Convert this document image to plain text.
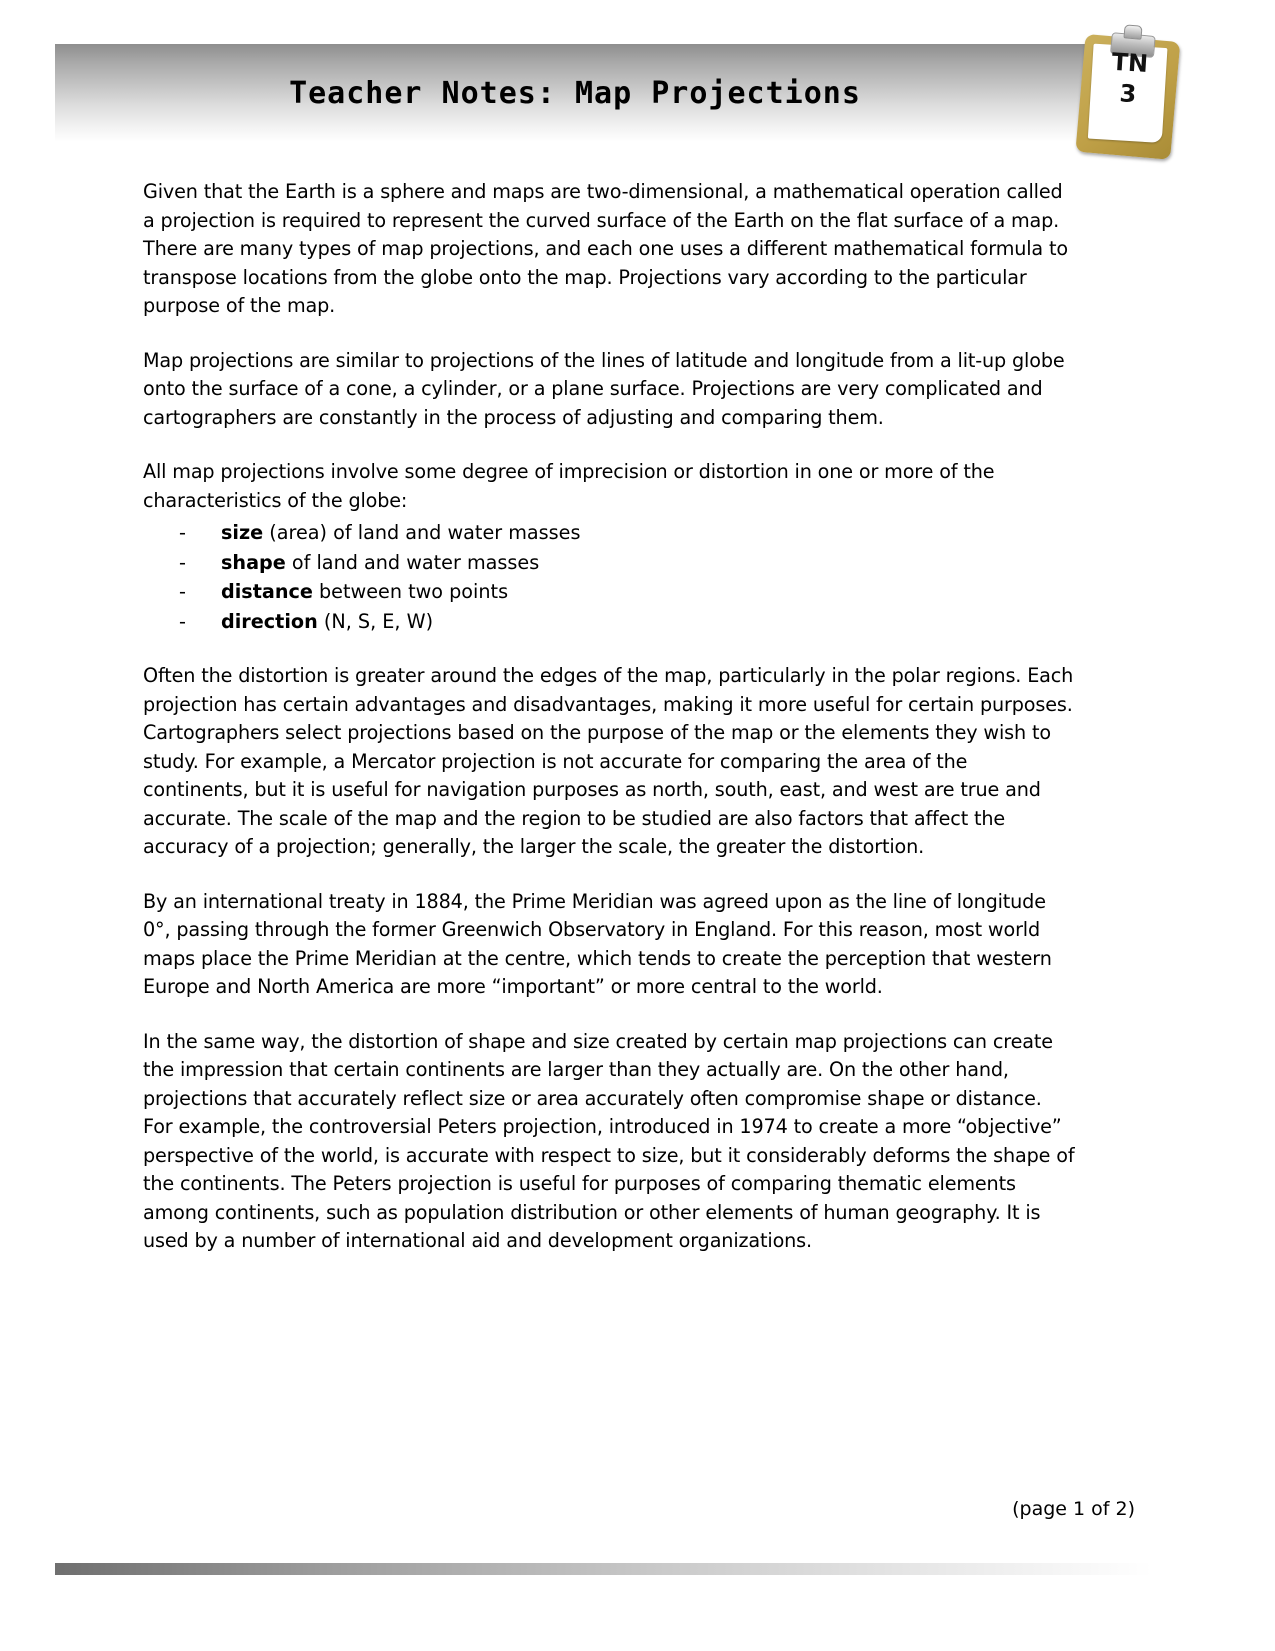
Teacher Notes: Map Projections
TN
3

Given that the Earth is a sphere and maps are two-dimensional, a mathematical operation called a projection is required to represent the curved surface of the Earth on the flat surface of a map. There are many types of map projections, and each one uses a different mathematical formula to transpose locations from the globe onto the map. Projections vary according to the particular purpose of the map.

Map projections are similar to projections of the lines of latitude and longitude from a lit-up globe onto the surface of a cone, a cylinder, or a plane surface. Projections are very complicated and cartographers are constantly in the process of adjusting and comparing them.

All map projections involve some degree of imprecision or distortion in one or more of the characteristics of the globe:

- size (area) of land and water masses
- shape of land and water masses
- distance between two points
- direction (N, S, E, W)

Often the distortion is greater around the edges of the map, particularly in the polar regions. Each projection has certain advantages and disadvantages, making it more useful for certain purposes. Cartographers select projections based on the purpose of the map or the elements they wish to study. For example, a Mercator projection is not accurate for comparing the area of the continents, but it is useful for navigation purposes as north, south, east, and west are true and accurate. The scale of the map and the region to be studied are also factors that affect the accuracy of a projection; generally, the larger the scale, the greater the distortion.

By an international treaty in 1884, the Prime Meridian was agreed upon as the line of longitude 0°, passing through the former Greenwich Observatory in England. For this reason, most world maps place the Prime Meridian at the centre, which tends to create the perception that western Europe and North America are more “important” or more central to the world.

In the same way, the distortion of shape and size created by certain map projections can create the impression that certain continents are larger than they actually are. On the other hand, projections that accurately reflect size or area accurately often compromise shape or distance. For example, the controversial Peters projection, introduced in 1974 to create a more “objective” perspective of the world, is accurate with respect to size, but it considerably deforms the shape of the continents. The Peters projection is useful for purposes of comparing thematic elements among continents, such as population distribution or other elements of human geography. It is used by a number of international aid and development organizations.

(page 1 of 2)
